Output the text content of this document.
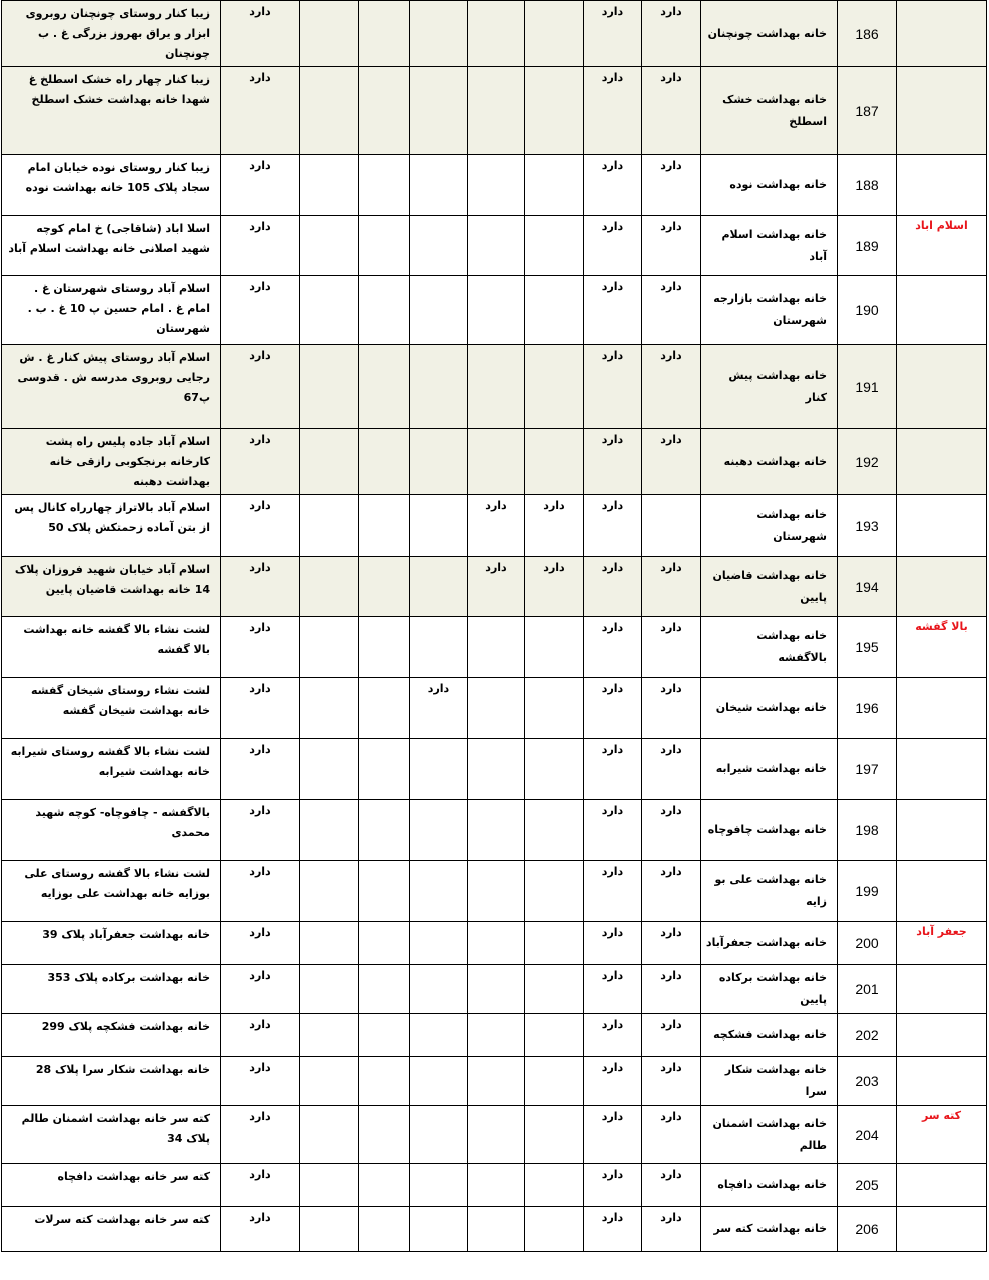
زیبا کنار روستای چونچنان روبروی ابزار و یراق بهروز بزرگی غ . ب چونچنان	دارد						دارد	دارد	خانه بهداشت چونچنان	186	
زیبا کنار چهار راه خشک اسطلخ غ شهدا خانه بهداشت خشک اسطلخ	دارد						دارد	دارد	خانه بهداشت خشک اسطلخ	187	
زیبا کنار روستای نوده خیابان امام سجاد پلاک 105 خانه بهداشت نوده	دارد						دارد	دارد	خانه بهداشت نوده	188	
اسلا اباد (شاقاجی) خ امام کوچه شهید اصلانی خانه بهداشت اسلام آباد	دارد						دارد	دارد	خانه بهداشت اسلام آباد	189	اسلام اباد
اسلام آباد روستای شهرستان غ . امام غ . امام حسین پ 10 غ . ب . شهرستان	دارد						دارد	دارد	خانه بهداشت بازارجه شهرستان	190	
اسلام آباد روستای پیش کنار غ . ش رجایی روبروی مدرسه ش . قدوسی پ67	دارد						دارد	دارد	خانه بهداشت پیش کنار	191	
اسلام آباد جاده پلیس راه پشت کارخانه برنجکوبی رازقی خانه بهداشت دهبنه	دارد						دارد	دارد	خانه بهداشت دهبنه	192	
اسلام آباد بالاتراز چهارراه کانال پس از بتن آماده زحمتکش پلاک 50	دارد				دارد	دارد	دارد		خانه بهداشت شهرستان	193	
اسلام آباد خیابان شهید فروزان پلاک 14 خانه بهداشت قاضیان پایین	دارد				دارد	دارد	دارد	دارد	خانه بهداشت قاضیان پایین	194	
لشت نشاء بالا گفشه خانه بهداشت بالا گفشه	دارد						دارد	دارد	خانه بهداشت بالاگفشه	195	بالا گفشه
لشت نشاء روستای شیخان گفشه خانه بهداشت شیخان گفشه	دارد			دارد			دارد	دارد	خانه بهداشت شیخان	196	
لشت نشاء بالا گفشه روستای شیرابه خانه بهداشت شیرابه	دارد						دارد	دارد	خانه بهداشت شیرابه	197	
بالاگفشه - چافوچاه- کوچه شهید محمدی	دارد						دارد	دارد	خانه بهداشت چافوچاه	198	
لشت نشاء بالا گفشه روستای علی بوزایه خانه بهداشت علی بوزایه	دارد						دارد	دارد	خانه بهداشت علی بو زایه	199	
خانه بهداشت جعفرآباد پلاک 39	دارد						دارد	دارد	خانه بهداشت جعفرآباد	200	جعفر آباد
خانه بهداشت برکاده پلاک 353	دارد						دارد	دارد	خانه بهداشت برکاده پایین	201	
خانه بهداشت فشکچه پلاک 299	دارد						دارد	دارد	خانه بهداشت فشکچه	202	
خانه بهداشت شکار سرا پلاک 28	دارد						دارد	دارد	خانه بهداشت شکار سرا	203	
کته سر خانه بهداشت اشمنان طالم پلاک 34	دارد						دارد	دارد	خانه بهداشت اشمنان طالم	204	کته سر
کته سر خانه بهداشت دافچاه	دارد						دارد	دارد	خانه بهداشت دافچاه	205	
کته سر خانه بهداشت کته سرلات	دارد						دارد	دارد	خانه بهداشت کته سر	206	
